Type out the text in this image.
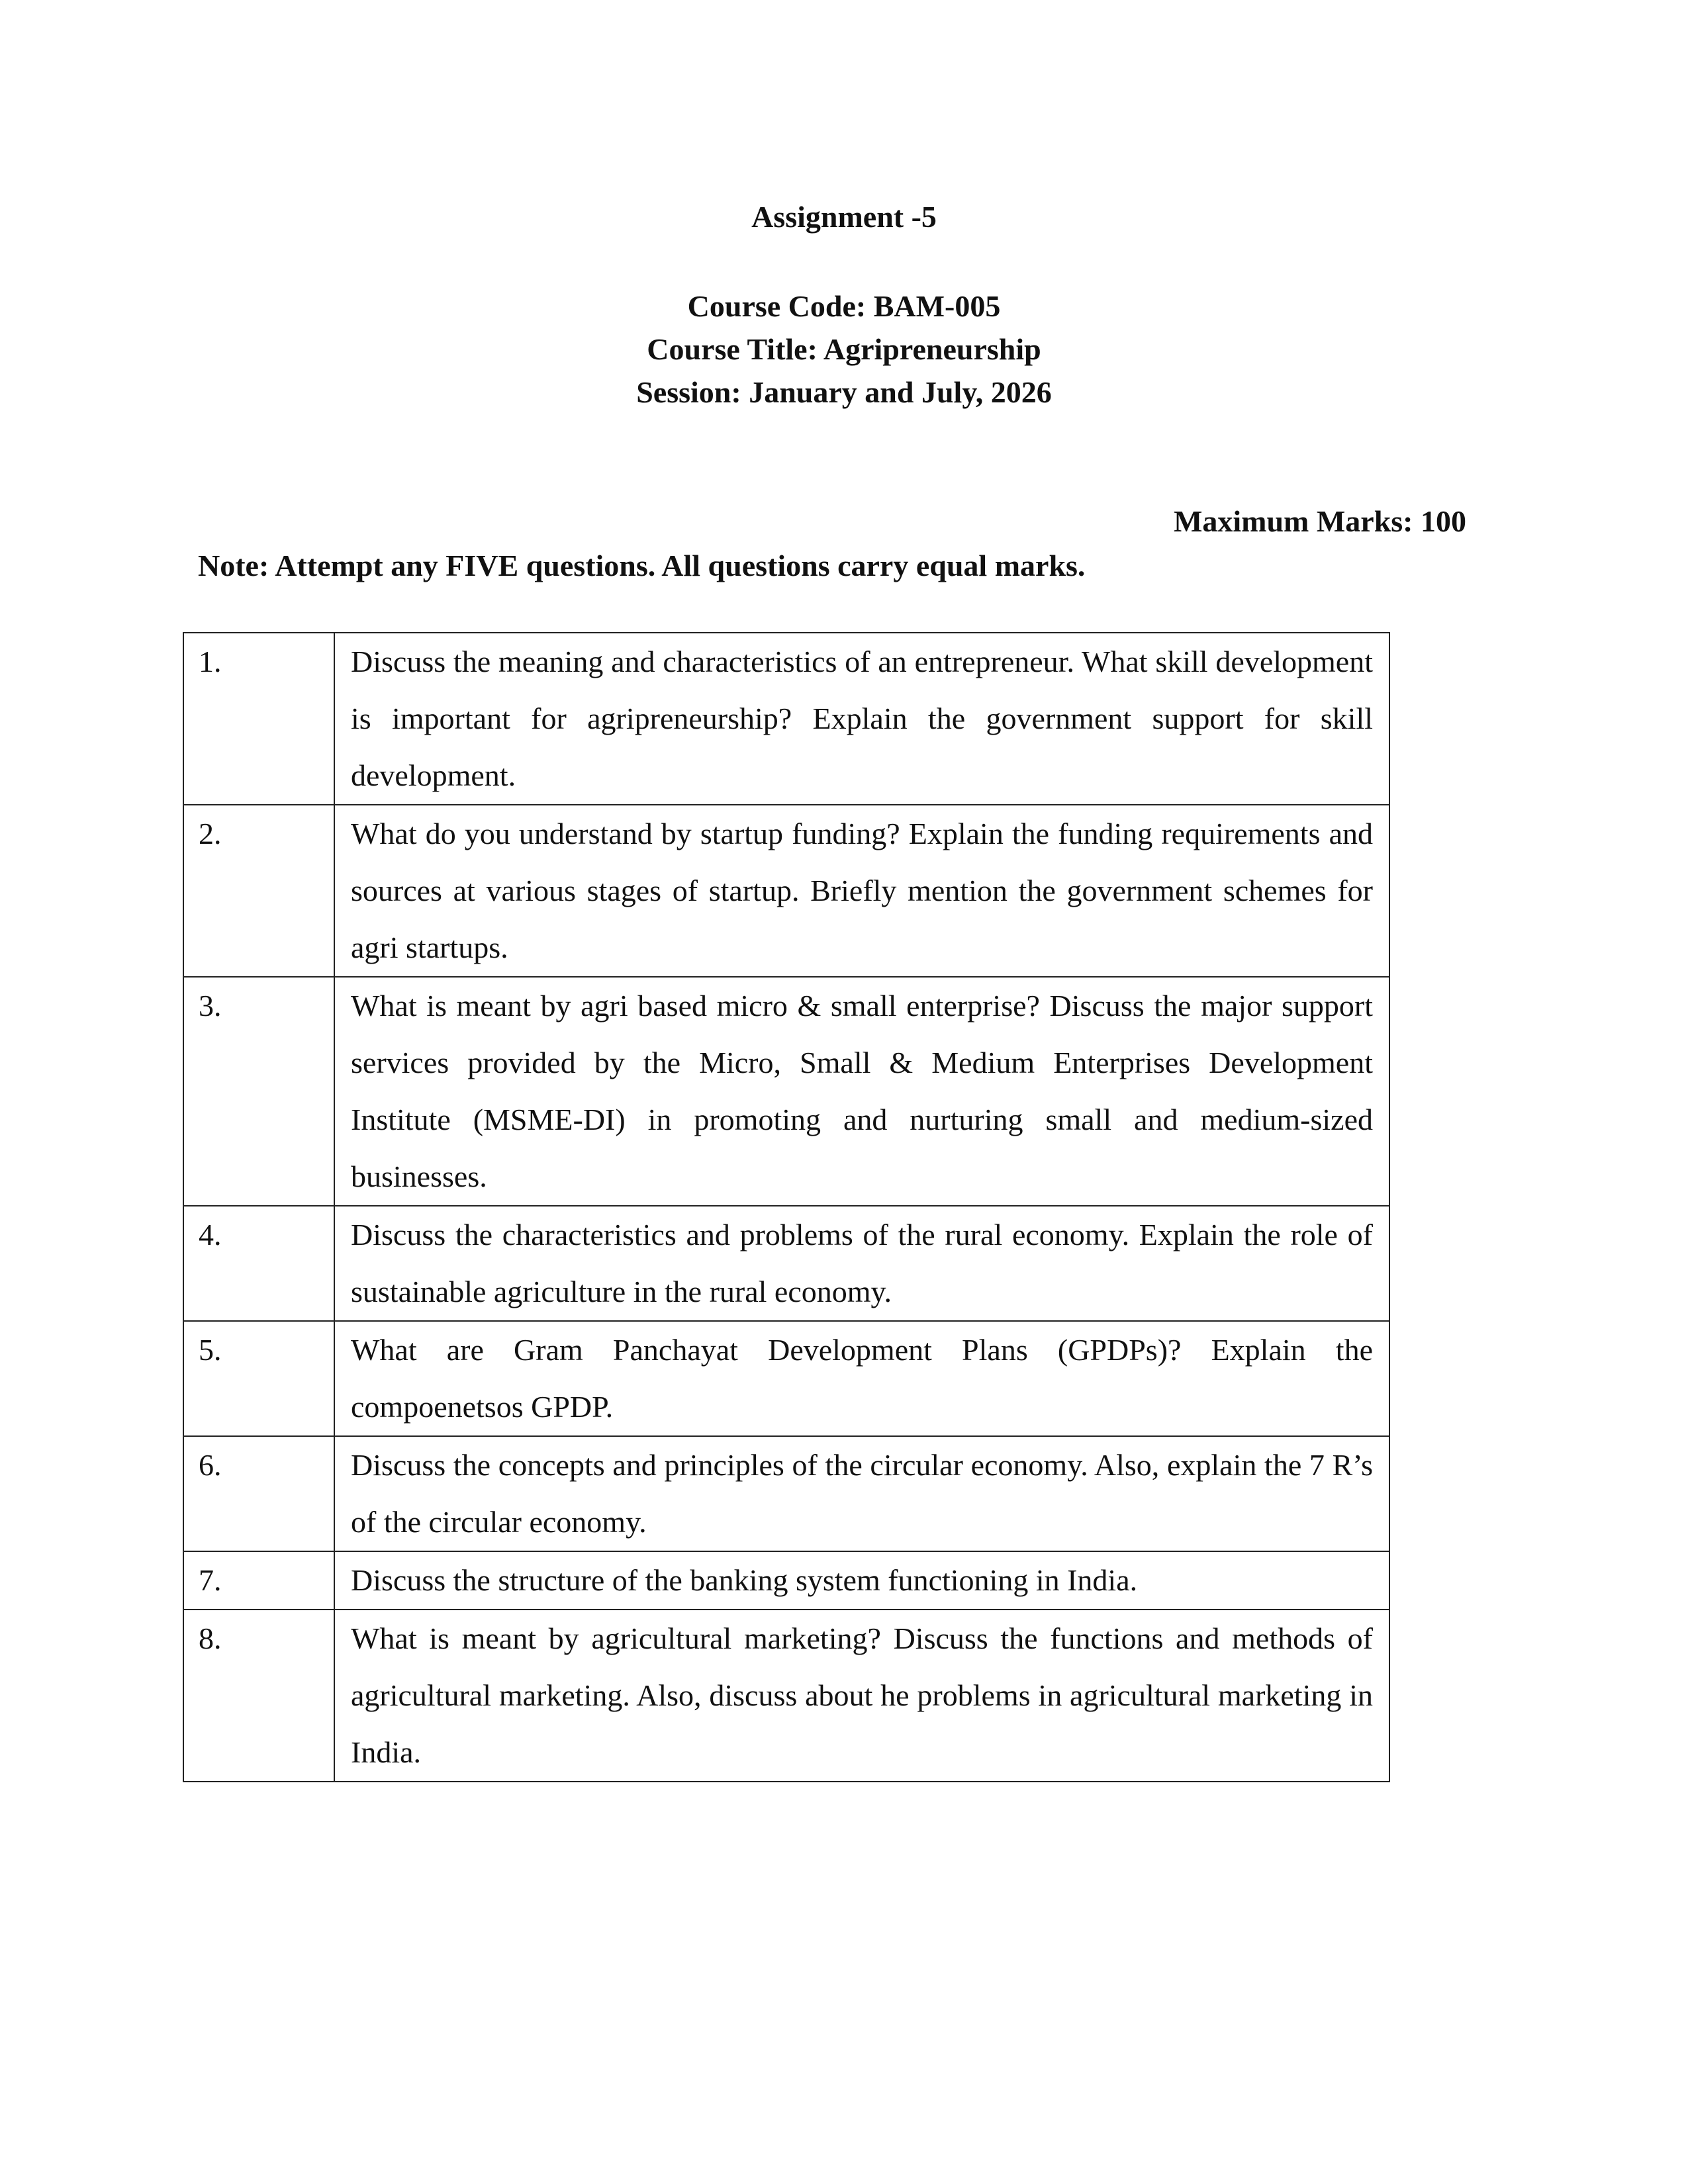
Assignment -5
Course Code: BAM-005
Course Title: Agripreneurship
Session: January and July, 2026
Maximum Marks: 100
Note: Attempt any FIVE questions. All questions carry equal marks.
1.	Discuss the meaning and characteristics of an entrepreneur. What skill development is important for agripreneurship? Explain the government support for skill development.
2.	What do you understand by startup funding? Explain the funding requirements and sources at various stages of startup. Briefly mention the government schemes for agri startups.
3.	What is meant by agri based micro & small enterprise? Discuss the major support services provided by the Micro, Small & Medium Enterprises Development Institute (MSME-DI) in promoting and nurturing small and medium-sized businesses.
4.	Discuss the characteristics and problems of the rural economy. Explain the role of sustainable agriculture in the rural economy.
5.	What are Gram Panchayat Development Plans (GPDPs)? Explain the compoenetsos GPDP.
6.	Discuss the concepts and principles of the circular economy. Also, explain the 7 R’s of the circular economy.
7.	Discuss the structure of the banking system functioning in India.
8.	What is meant by agricultural marketing? Discuss the functions and methods of agricultural marketing. Also, discuss about he problems in agricultural marketing in India.
